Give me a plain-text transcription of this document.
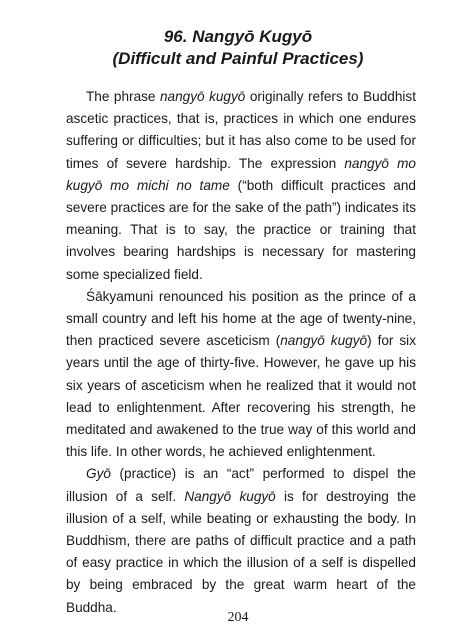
96. Nangyō Kugyō
(Difficult and Painful Practices)

The phrase nangyō kugyō originally refers to Buddhist ascetic practices, that is, practices in which one endures suffering or difficulties; but it has also come to be used for times of severe hardship. The expression nangyō mo kugyō mo michi no tame (“both difficult practices and severe practices are for the sake of the path”) indicates its meaning. That is to say, the practice or training that involves bearing hardships is necessary for mastering some specialized field.

Śākyamuni renounced his position as the prince of a small country and left his home at the age of twenty-nine, then practiced severe asceticism (nangyō kugyō) for six years until the age of thirty-five. However, he gave up his six years of asceticism when he realized that it would not lead to enlightenment. After recovering his strength, he meditated and awakened to the true way of this world and this life. In other words, he achieved enlightenment.

Gyō (practice) is an “act” performed to dispel the illusion of a self. Nangyō kugyō is for destroying the illusion of a self, while beating or exhausting the body. In Buddhism, there are paths of difficult practice and a path of easy practice in which the illusion of a self is dispelled by being embraced by the great warm heart of the Buddha.

204
